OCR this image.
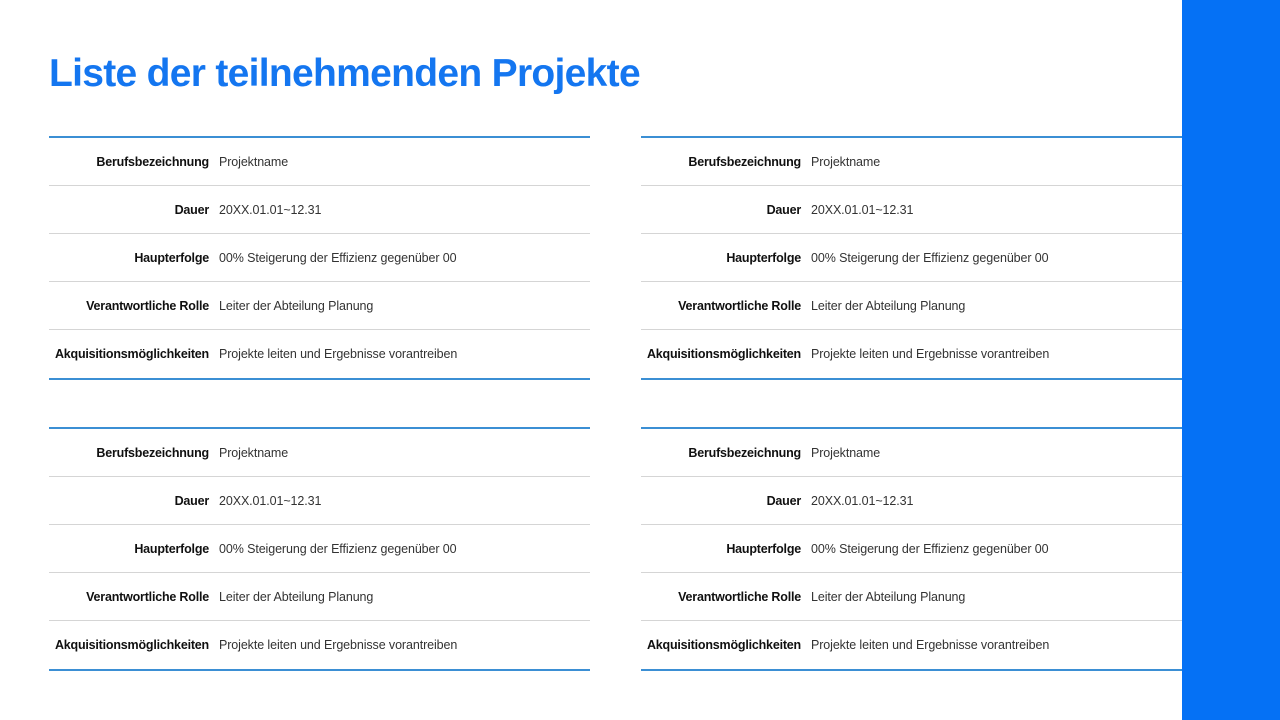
Liste der teilnehmenden Projekte
Berufsbezeichnung Projektname
Dauer 20XX.01.01~12.31
Haupterfolge 00% Steigerung der Effizienz gegenüber 00
Verantwortliche Rolle Leiter der Abteilung Planung
Akquisitionsmöglichkeiten Projekte leiten und Ergebnisse vorantreiben
Berufsbezeichnung Projektname
Dauer 20XX.01.01~12.31
Haupterfolge 00% Steigerung der Effizienz gegenüber 00
Verantwortliche Rolle Leiter der Abteilung Planung
Akquisitionsmöglichkeiten Projekte leiten und Ergebnisse vorantreiben
Berufsbezeichnung Projektname
Dauer 20XX.01.01~12.31
Haupterfolge 00% Steigerung der Effizienz gegenüber 00
Verantwortliche Rolle Leiter der Abteilung Planung
Akquisitionsmöglichkeiten Projekte leiten und Ergebnisse vorantreiben
Berufsbezeichnung Projektname
Dauer 20XX.01.01~12.31
Haupterfolge 00% Steigerung der Effizienz gegenüber 00
Verantwortliche Rolle Leiter der Abteilung Planung
Akquisitionsmöglichkeiten Projekte leiten und Ergebnisse vorantreiben
